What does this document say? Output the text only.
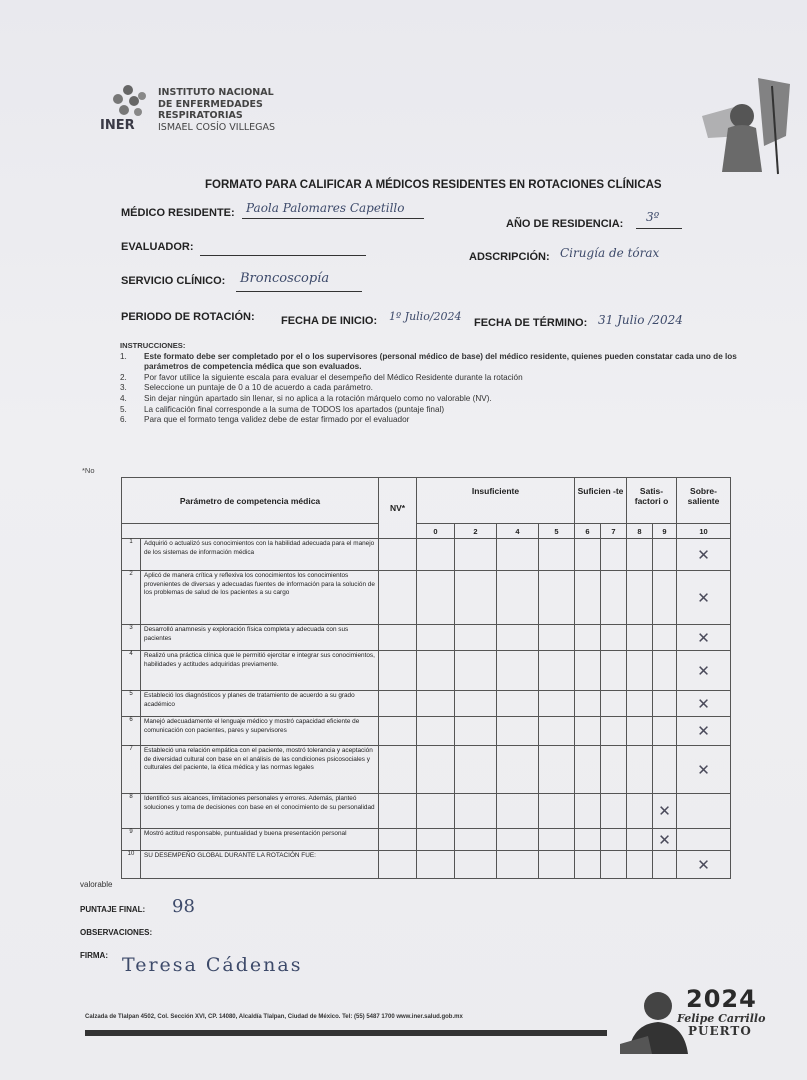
INER
INSTITUTO NACIONAL
DE ENFERMEDADES
RESPIRATORIAS
ISMAEL COSÍO VILLEGAS
FORMATO PARA CALIFICAR A MÉDICOS RESIDENTES EN ROTACIONES CLÍNICAS
MÉDICO RESIDENTE: Paola Palomares Capetillo
AÑO DE RESIDENCIA: 3º
EVALUADOR:
ADSCRIPCIÓN: Cirugía de tórax
SERVICIO CLÍNICO: Broncoscopía
PERIODO DE ROTACIÓN: FECHA DE INICIO: 1º Julio/2024 FECHA DE TÉRMINO: 31 Julio /2024
INSTRUCCIONES:
1.	Este formato debe ser completado por el o los supervisores (personal médico de base) del médico residente, quienes pueden constatar cada uno de los parámetros de competencia médica que son evaluados.
2.	Por favor utilice la siguiente escala para evaluar el desempeño del Médico Residente durante la rotación
3.	Seleccione un puntaje de 0 a 10 de acuerdo a cada parámetro.
4.	Sin dejar ningún apartado sin llenar, si no aplica a la rotación márquelo como no valorable (NV).
5.	La calificación final corresponde a la suma de TODOS los apartados (puntaje final)
6.	Para que el formato tenga validez debe de estar firmado por el evaluador
*No
valorable
Parámetro de competencia médica		NV*	Insuficiente				Suficien -te		Satis- factori o		Sobre- saliente
			0	2	4	5	6	7	8	9	10
1	Adquirió o actualizó sus conocimientos con la habilidad adecuada para el manejo de los sistemas de información médica										✕
2	Aplicó de manera crítica y reflexiva los conocimientos los conocimientos provenientes de diversas y adecuadas fuentes de información para la solución de los problemas de salud de los pacientes a su cargo										✕
3	Desarrolló anamnesis y exploración física completa y adecuada con sus pacientes										✕
4	Realizó una práctica clínica que le permitió ejercitar e integrar sus conocimientos, habilidades y actitudes adquiridas previamente.										✕
5	Estableció los diagnósticos y planes de tratamiento de acuerdo a su grado académico										✕
6	Manejó adecuadamente el lenguaje médico y mostró capacidad eficiente de comunicación con pacientes, pares y supervisores										✕
7	Estableció una relación empática con el paciente, mostró tolerancia y aceptación de diversidad cultural con base en el análisis de las condiciones psicosociales y culturales del paciente, la ética médica y las normas legales										✕
8	Identificó sus alcances, limitaciones personales y errores. Además, planteó soluciones y toma de decisiones con base en el conocimiento de su personalidad									✕	
9	Mostró actitud responsable, puntualidad y buena presentación personal									✕	
10	SU DESEMPEÑO GLOBAL DURANTE LA ROTACIÓN FUE:										✕
PUNTAJE FINAL: 98
OBSERVACIONES:
FIRMA: Teresa Cádenas
Calzada de Tlalpan 4502, Col. Sección XVI, CP. 14080, Alcaldía Tlalpan, Ciudad de México. Tel: (55) 5487 1700 www.iner.salud.gob.mx
2024
Felipe Carrillo
PUERTO
